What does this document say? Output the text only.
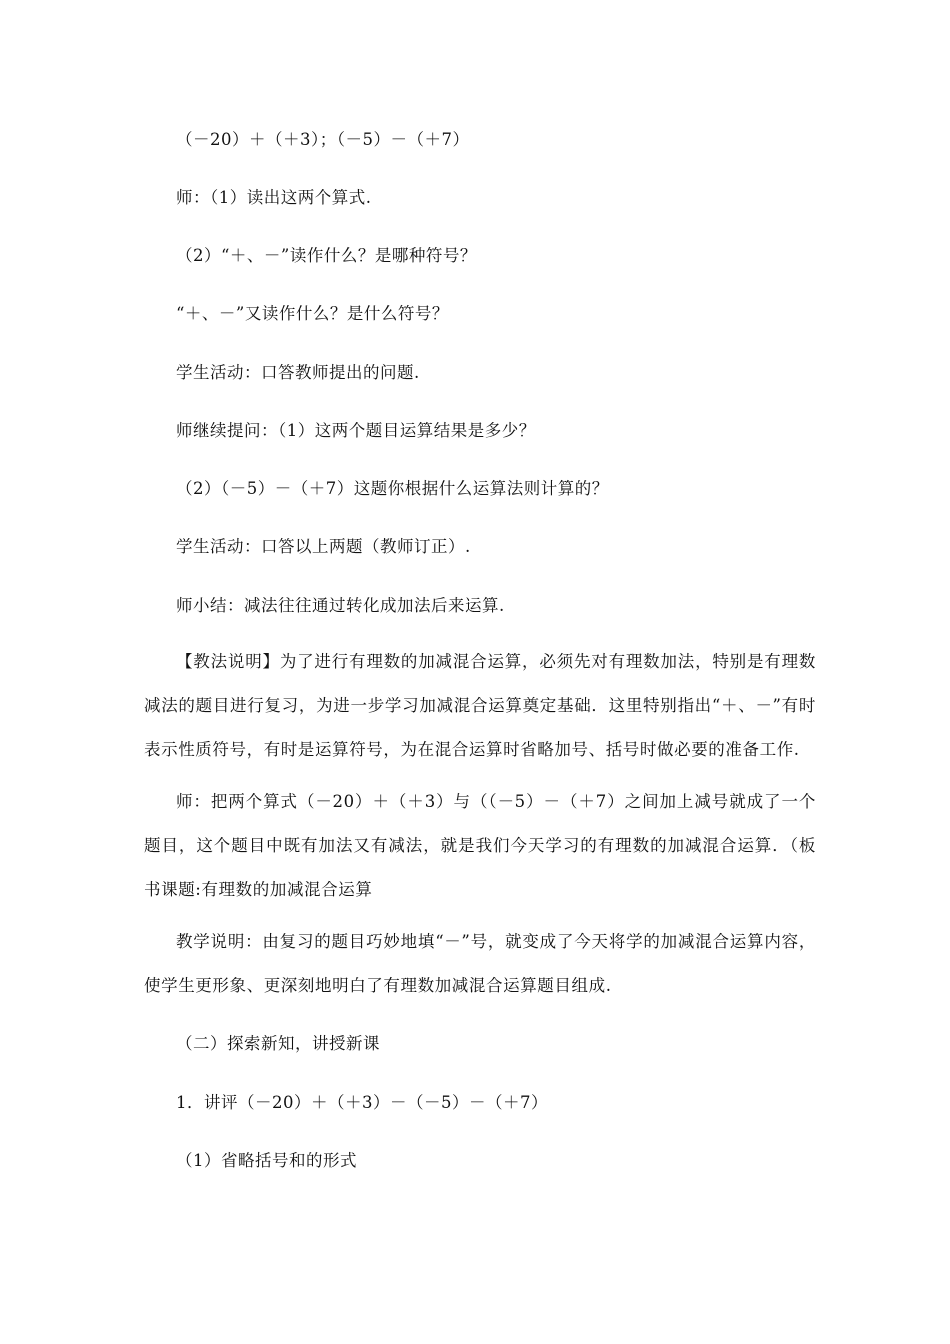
（－20）＋（＋3）；（－5）－（＋7）
师：（1）读出这两个算式.
（2）“＋、－”读作什么？是哪种符号？
“＋、－”又读作什么？是什么符号？
学生活动：口答教师提出的问题.
师继续提问：（1）这两个题目运算结果是多少？
（2）（－5）－（＋7）这题你根据什么运算法则计算的？
学生活动：口答以上两题（教师订正）.
师小结：减法往往通过转化成加法后来运算.
【教法说明】为了进行有理数的加减混合运算，必须先对有理数加法，特别是有理数减法的题目进行复习，为进一步学习加减混合运算奠定基础．这里特别指出“＋、－”有时表示性质符号，有时是运算符号，为在混合运算时省略加号、括号时做必要的准备工作.
师：把两个算式（－20）＋（＋3）与（（－5）－（＋7）之间加上减号就成了一个题目，这个题目中既有加法又有减法，就是我们今天学习的有理数的加减混合运算．（板书课题:有理数的加减混合运算
教学说明：由复习的题目巧妙地填“－”号，就变成了今天将学的加减混合运算内容，使学生更形象、更深刻地明白了有理数加减混合运算题目组成.
（二）探索新知，讲授新课
1．讲评（－20）＋（＋3）－（－5）－（＋7）
（1）省略括号和的形式
